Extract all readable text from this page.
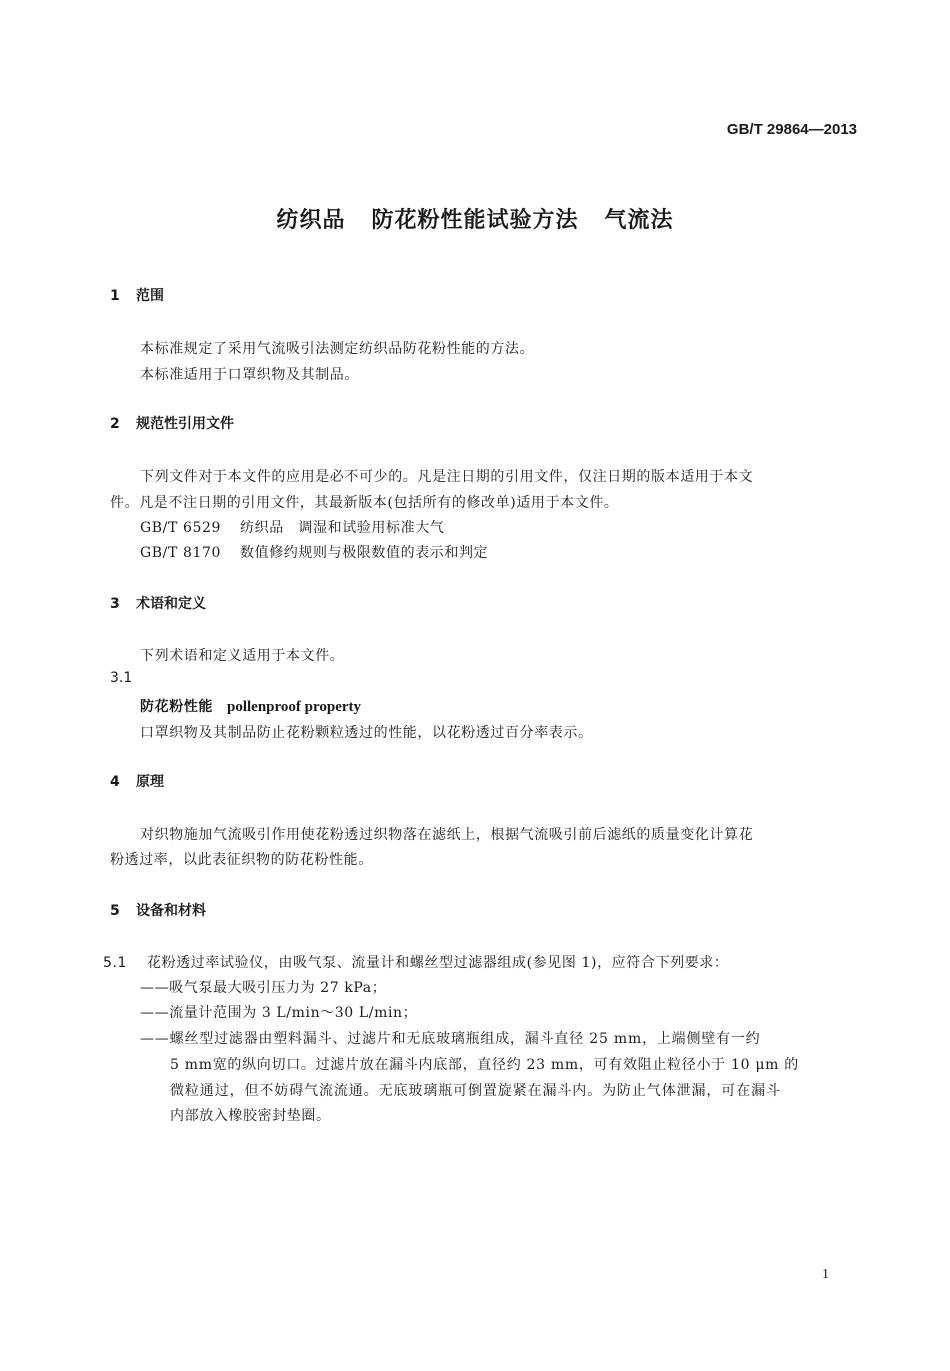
GB/T 29864—2013
纺织品 防花粉性能试验方法 气流法
1 范围
本标准规定了采用气流吸引法测定纺织品防花粉性能的方法。
本标准适用于口罩织物及其制品。
2 规范性引用文件
下列文件对于本文件的应用是必不可少的。凡是注日期的引用文件，仅注日期的版本适用于本文
件。凡是不注日期的引用文件，其最新版本(包括所有的修改单)适用于本文件。
GB/T 6529 纺织品　调湿和试验用标准大气
GB/T 8170 数值修约规则与极限数值的表示和判定
3 术语和定义
下列术语和定义适用于本文件。
3.1
防花粉性能 pollenproof property
口罩织物及其制品防止花粉颗粒透过的性能，以花粉透过百分率表示。
4 原理
对织物施加气流吸引作用使花粉透过织物落在滤纸上，根据气流吸引前后滤纸的质量变化计算花
粉透过率，以此表征织物的防花粉性能。
5 设备和材料
5.1 花粉透过率试验仪，由吸气泵、流量计和螺丝型过滤器组成(参见图 1)，应符合下列要求：
——吸气泵最大吸引压力为 27 kPa；
——流量计范围为 3 L/min～30 L/min；
——螺丝型过滤器由塑料漏斗、过滤片和无底玻璃瓶组成，漏斗直径 25 mm，上端侧壁有一约
5 mm宽的纵向切口。过滤片放在漏斗内底部，直径约 23 mm，可有效阻止粒径小于 10 μm 的
微粒通过，但不妨碍气流流通。无底玻璃瓶可倒置旋紧在漏斗内。为防止气体泄漏，可在漏斗
内部放入橡胶密封垫圈。
1
